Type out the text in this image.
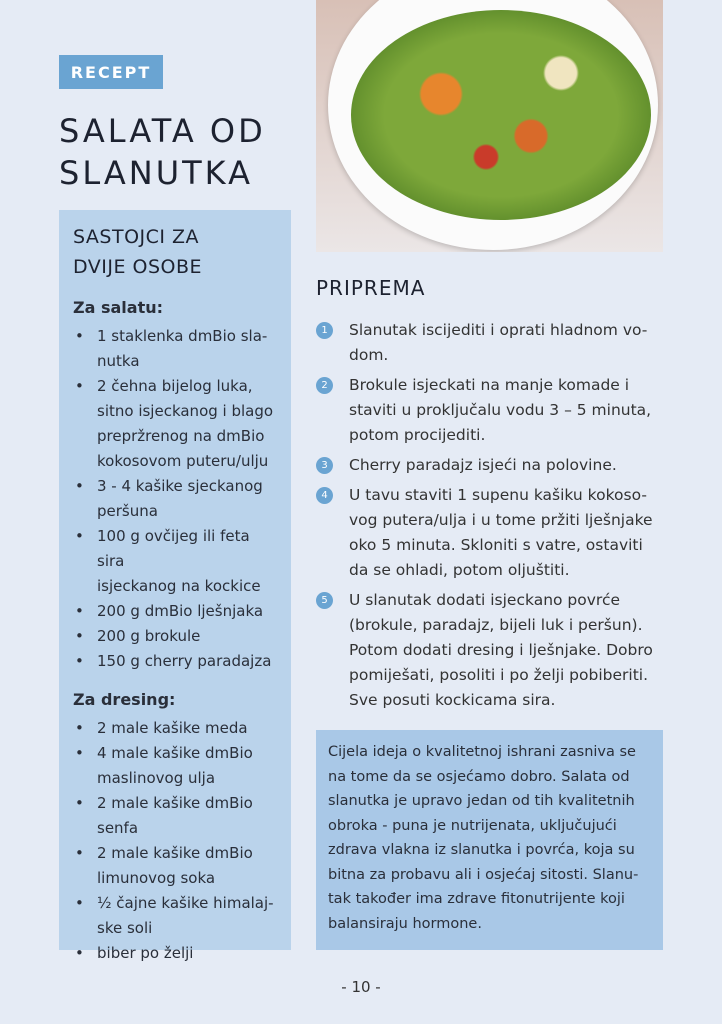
RECEPT
SALATA OD
SLANUTKA
SASTOJCI ZA
DVIJE OSOBE
Za salatu:
• 1 staklenka dmBio sla-
nutka
• 2 čehna bijelog luka,
sitno isjeckanog i blago
prepržrenog na dmBio
kokosovom puteru/ulju
• 3 - 4 kašike sjeckanog
peršuna
• 100 g ovčijeg ili feta sira
isjeckanog na kockice
• 200 g dmBio lješnjaka
• 200 g brokule
• 150 g cherry paradajza
Za dresing:
• 2 male kašike meda
• 4 male kašike dmBio
maslinovog ulja
• 2 male kašike dmBio
senfa
• 2 male kašike dmBio
limunovog soka
• ½ čajne kašike himalaj-
ske soli
• biber po želji
PRIPREMA
1	Slanutak iscijediti i oprati hladnom vo-
dom.
2	Brokule isjeckati na manje komade i
staviti u proključalu vodu 3 – 5 minuta,
potom procijediti.
3	Cherry paradajz isjeći na polovine.
4	U tavu staviti 1 supenu kašiku kokoso-
vog putera/ulja i u tome pržiti lješnjake
oko 5 minuta. Skloniti s vatre, ostaviti
da se ohladi, potom oljuštiti.
5	U slanutak dodati isjeckano povrće
(brokule, paradajz, bijeli luk i peršun).
Potom dodati dresing i lješnjake. Dobro
pomiješati, posoliti i po želji pobiberiti.
Sve posuti kockicama sira.
Cijela ideja o kvalitetnoj ishrani zasniva se
na tome da se osjećamo dobro. Salata od
slanutka je upravo jedan od tih kvalitetnih
obroka - puna je nutrijenata, uključujući
zdrava vlakna iz slanutka i povrća, koja su
bitna za probavu ali i osjećaj sitosti. Slanu-
tak također ima zdrave fitonutrijente koji
balansiraju hormone.
- 10 -
